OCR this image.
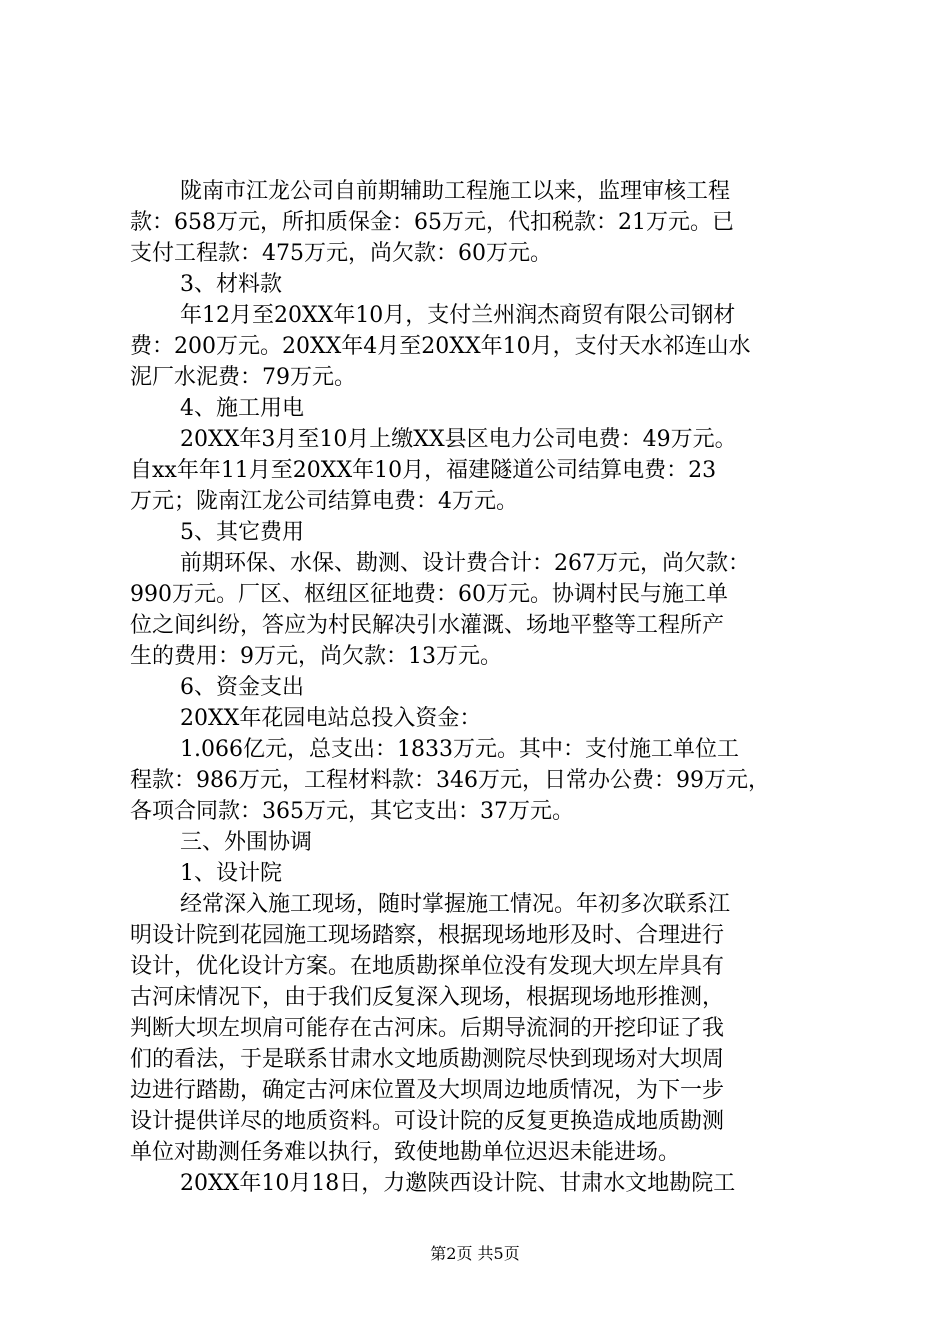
陇南市江龙公司自前期辅助工程施工以来，监理审核工程
款：658万元，所扣质保金：65万元，代扣税款：21万元。已
支付工程款：475万元，尚欠款：60万元。
3、材料款
年12月至20XX年10月，支付兰州润杰商贸有限公司钢材
费：200万元。20XX年4月至20XX年10月，支付天水祁连山水
泥厂水泥费：79万元。
4、施工用电
20XX年3月至10月上缴XX县区电力公司电费：49万元。
自xx年年11月至20XX年10月，福建隧道公司结算电费：23
万元；陇南江龙公司结算电费：4万元。
5、其它费用
前期环保、水保、勘测、设计费合计：267万元，尚欠款：
990万元。厂区、枢纽区征地费：60万元。协调村民与施工单
位之间纠纷，答应为村民解决引水灌溉、场地平整等工程所产
生的费用：9万元，尚欠款：13万元。
6、资金支出
20XX年花园电站总投入资金：
1.066亿元，总支出：1833万元。其中：支付施工单位工
程款：986万元，工程材料款：346万元，日常办公费：99万元，
各项合同款：365万元，其它支出：37万元。
三、外围协调
1、设计院
经常深入施工现场，随时掌握施工情况。年初多次联系江
明设计院到花园施工现场踏察，根据现场地形及时、合理进行
设计，优化设计方案。在地质勘探单位没有发现大坝左岸具有
古河床情况下，由于我们反复深入现场，根据现场地形推测，
判断大坝左坝肩可能存在古河床。后期导流洞的开挖印证了我
们的看法，于是联系甘肃水文地质勘测院尽快到现场对大坝周
边进行踏勘，确定古河床位置及大坝周边地质情况，为下一步
设计提供详尽的地质资料。可设计院的反复更换造成地质勘测
单位对勘测任务难以执行，致使地勘单位迟迟未能进场。
20XX年10月18日，力邀陕西设计院、甘肃水文地勘院工
第2页 共5页
